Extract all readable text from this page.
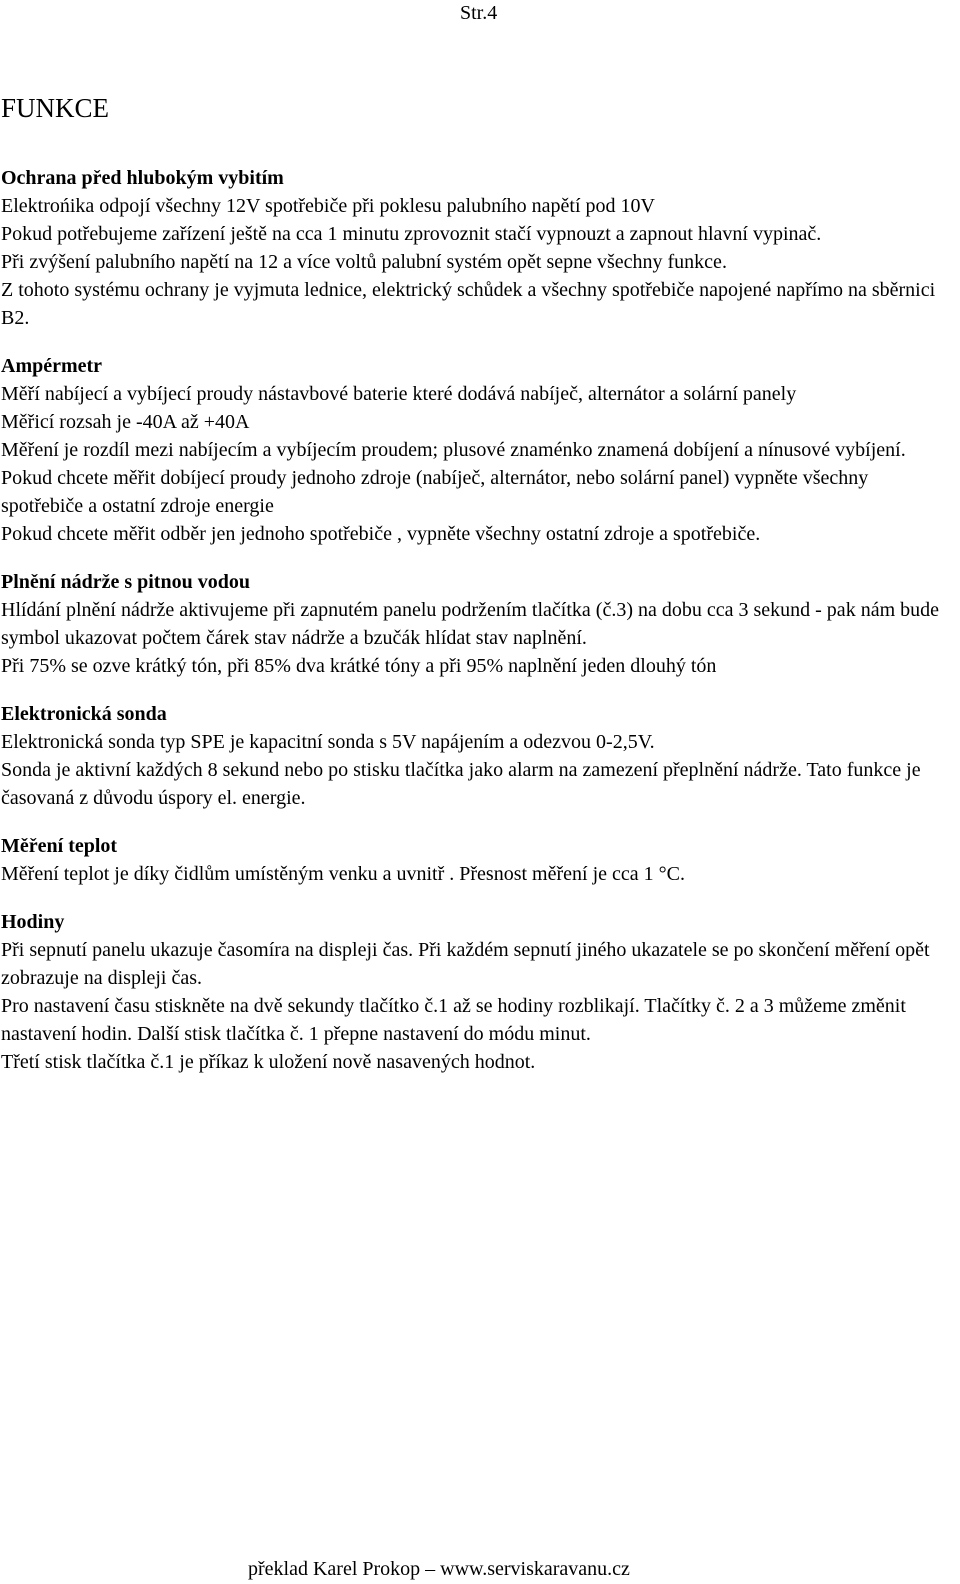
Str.4
FUNKCE

Ochrana před hlubokým vybitím

Elektrońika odpojí všechny 12V spotřebiče při poklesu palubního napětí pod 10V

Pokud potřebujeme zařízení ještě na cca 1 minutu zprovoznit stačí vypnouzt a zapnout hlavní vypinač.

Při zvýšení palubního napětí na 12 a více voltů palubní systém opět sepne všechny funkce.

Z tohoto systému ochrany je vyjmuta lednice, elektrický schůdek a všechny spotřebiče napojené napřímo na sběrnici B2.

Ampérmetr

Měří nabíjecí a vybíjecí proudy nástavbové baterie které dodává nabíječ, alternátor a solární panely

Měřicí rozsah je -40A až +40A

Měření je rozdíl mezi nabíjecím a vybíjecím proudem; plusové znaménko znamená dobíjení a nínusové vybíjení.

Pokud chcete měřit dobíjecí proudy jednoho zdroje (nabíječ, alternátor, nebo solární panel) vypněte všechny spotřebiče a ostatní zdroje energie

Pokud chcete měřit odběr jen jednoho spotřebiče , vypněte všechny ostatní zdroje a spotřebiče.

Plnění nádrže s pitnou vodou

Hlídání plnění nádrže aktivujeme při zapnutém panelu podržením tlačítka (č.3) na dobu cca 3 sekund - pak nám bude symbol ukazovat počtem čárek stav nádrže a bzučák hlídat stav naplnění.

Při 75% se ozve krátký tón, při 85% dva krátké tóny a při 95% naplnění jeden dlouhý tón

Elektronická sonda

Elektronická sonda typ SPE je kapacitní sonda s 5V napájením a odezvou 0-2,5V.

Sonda je aktivní každých 8 sekund nebo po stisku tlačítka jako alarm na zamezení přeplnění nádrže. Tato funkce je časovaná z důvodu úspory el. energie.

Měření teplot

Měření teplot je díky čidlům umístěným venku a uvnitř . Přesnost měření je cca 1 °C.

Hodiny

Při sepnutí panelu ukazuje časomíra na displeji čas. Při každém sepnutí jiného ukazatele se po skončení měření opět zobrazuje na displeji čas.

Pro nastavení času stiskněte na dvě sekundy tlačítko č.1 až se hodiny rozblikají. Tlačítky č. 2 a 3 můžeme změnit nastavení hodin. Další stisk tlačítka č. 1 přepne nastavení do módu minut.

Třetí stisk tlačítka č.1 je příkaz k uložení nově nasavených hodnot.

překlad Karel Prokop – www.serviskaravanu.cz
